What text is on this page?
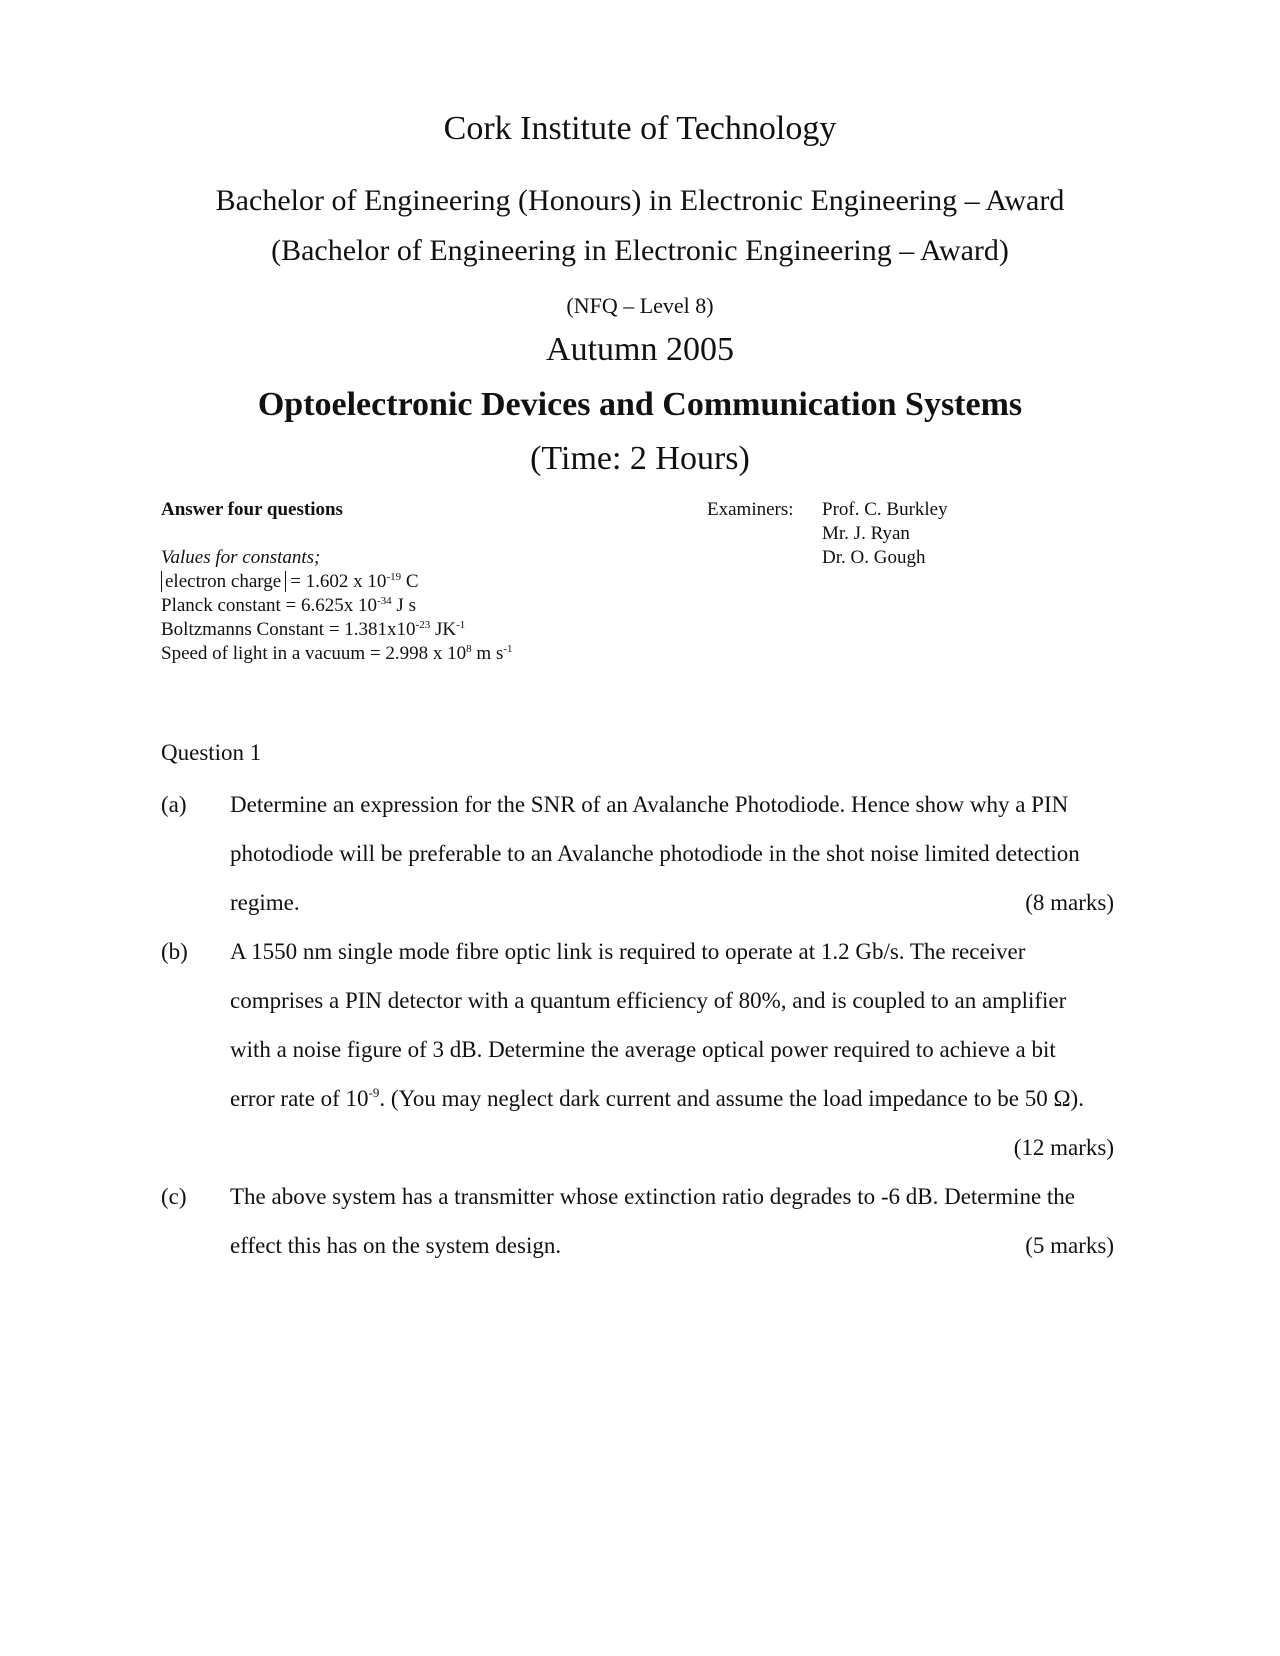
Cork Institute of Technology
Bachelor of Engineering (Honours) in Electronic Engineering – Award
(Bachelor of Engineering in Electronic Engineering – Award)
(NFQ – Level 8)
Autumn 2005
Optoelectronic Devices and Communication Systems
(Time: 2 Hours)
Answer four questions
Values for constants;
electron charge = 1.602 x $10^{-19}$ C
Planck constant = 6.625x $10^{-34}$ J s
Boltzmanns Constant = $1.381x10^{-23}$ $JK^{-1}$
Speed of light in a vacuum = 2.998 x $10^8$ m $s^{-1}$
Examiners: Prof. C. Burkley
Mr. J. Ryan
Dr. O. Gough
Question 1
(a) Determine an expression for the SNR of an Avalanche Photodiode. Hence show why a PIN
photodiode will be preferable to an Avalanche photodiode in the shot noise limited detection
regime.	(8 marks)
(b) A 1550 nm single mode fibre optic link is required to operate at 1.2 Gb/s. The receiver
comprises a PIN detector with a quantum efficiency of 80%, and is coupled to an amplifier
with a noise figure of 3 dB. Determine the average optical power required to achieve a bit
error rate of $10^{-9}$. (You may neglect dark current and assume the load impedance to be 50 Ω).
(12 marks)
(c) The above system has a transmitter whose extinction ratio degrades to -6 dB. Determine the
effect this has on the system design.	(5 marks)
